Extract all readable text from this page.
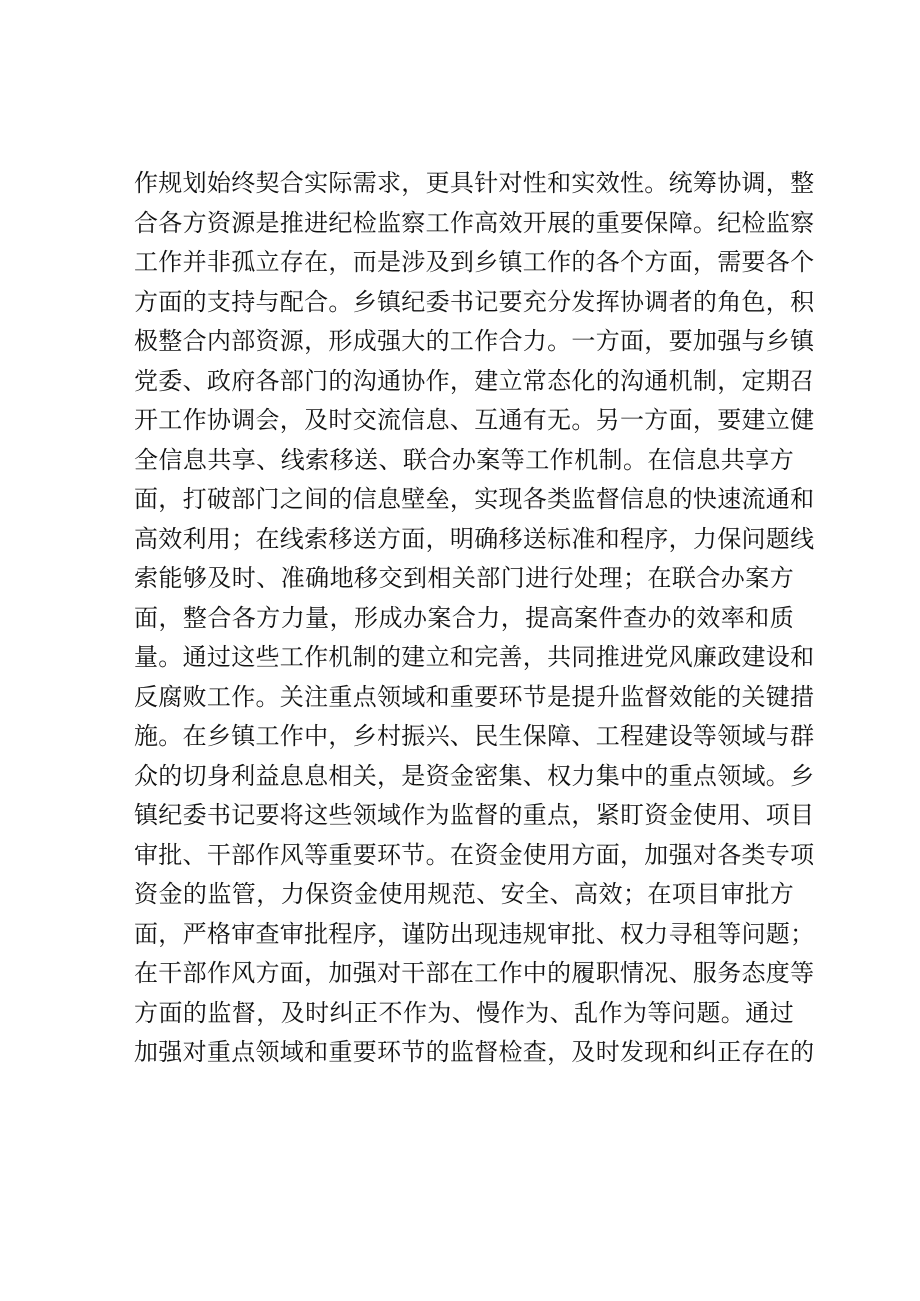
作规划始终契合实际需求，更具针对性和实效性。统筹协调，整
合各方资源是推进纪检监察工作高效开展的重要保障。纪检监察
工作并非孤立存在，而是涉及到乡镇工作的各个方面，需要各个
方面的支持与配合。乡镇纪委书记要充分发挥协调者的角色，积
极整合内部资源，形成强大的工作合力。一方面，要加强与乡镇
党委、政府各部门的沟通协作，建立常态化的沟通机制，定期召
开工作协调会，及时交流信息、互通有无。另一方面，要建立健
全信息共享、线索移送、联合办案等工作机制。在信息共享方
面，打破部门之间的信息壁垒，实现各类监督信息的快速流通和
高效利用；在线索移送方面，明确移送标准和程序，力保问题线
索能够及时、准确地移交到相关部门进行处理；在联合办案方
面，整合各方力量，形成办案合力，提高案件查办的效率和质
量。通过这些工作机制的建立和完善，共同推进党风廉政建设和
反腐败工作。关注重点领域和重要环节是提升监督效能的关键措
施。在乡镇工作中，乡村振兴、民生保障、工程建设等领域与群
众的切身利益息息相关，是资金密集、权力集中的重点领域。乡
镇纪委书记要将这些领域作为监督的重点，紧盯资金使用、项目
审批、干部作风等重要环节。在资金使用方面，加强对各类专项
资金的监管，力保资金使用规范、安全、高效；在项目审批方
面，严格审查审批程序，谨防出现违规审批、权力寻租等问题；
在干部作风方面，加强对干部在工作中的履职情况、服务态度等
方面的监督，及时纠正不作为、慢作为、乱作为等问题。通过
加强对重点领域和重要环节的监督检查，及时发现和纠正存在的
